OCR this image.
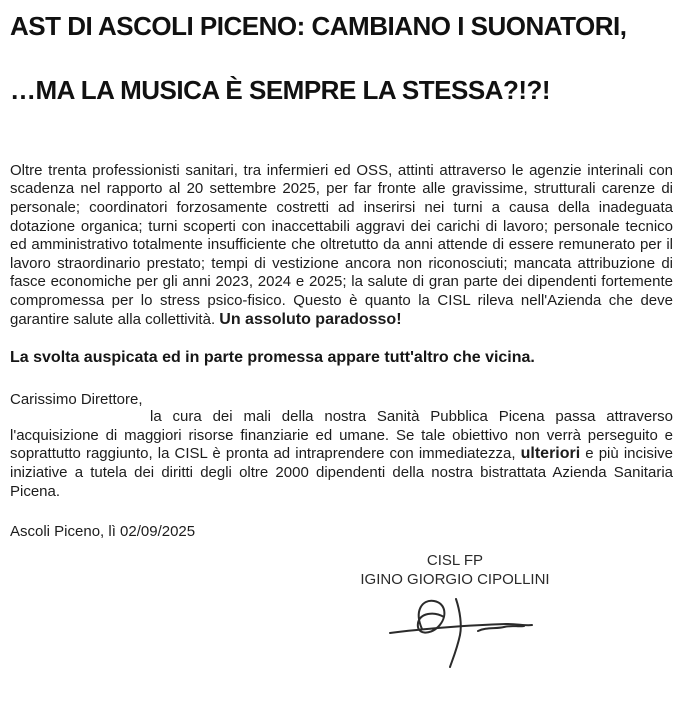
AST DI ASCOLI PICENO: CAMBIANO I SUONATORI,
…MA LA MUSICA È SEMPRE LA STESSA?!?!

Oltre trenta professionisti sanitari, tra infermieri ed OSS, attinti attraverso le agenzie interinali con scadenza nel rapporto al 20 settembre 2025, per far fronte alle gravissime, strutturali carenze di personale; coordinatori forzosamente costretti ad inserirsi nei turni a causa della inadeguata dotazione organica; turni scoperti con inaccettabili aggravi dei carichi di lavoro; personale tecnico ed amministrativo totalmente insufficiente che oltretutto da anni attende di essere remunerato per il lavoro straordinario prestato; tempi di vestizione ancora non riconosciuti; mancata attribuzione di fasce economiche per gli anni 2023, 2024 e 2025; la salute di gran parte dei dipendenti fortemente compromessa per lo stress psico-fisico. Questo è quanto la CISL rileva nell'Azienda che deve garantire salute alla collettività. Un assoluto paradosso!

La svolta auspicata ed in parte promessa appare tutt'altro che vicina.

Carissimo Direttore,

la cura dei mali della nostra Sanità Pubblica Picena passa attraverso l'acquisizione di maggiori risorse finanziarie ed umane. Se tale obiettivo non verrà perseguito e soprattutto raggiunto, la CISL è pronta ad intraprendere con immediatezza, ulteriori e più incisive iniziative a tutela dei diritti degli oltre 2000 dipendenti della nostra bistrattata Azienda Sanitaria Picena.

Ascoli Piceno, lì 02/09/2025

CISL FP

IGINO GIORGIO CIPOLLINI
